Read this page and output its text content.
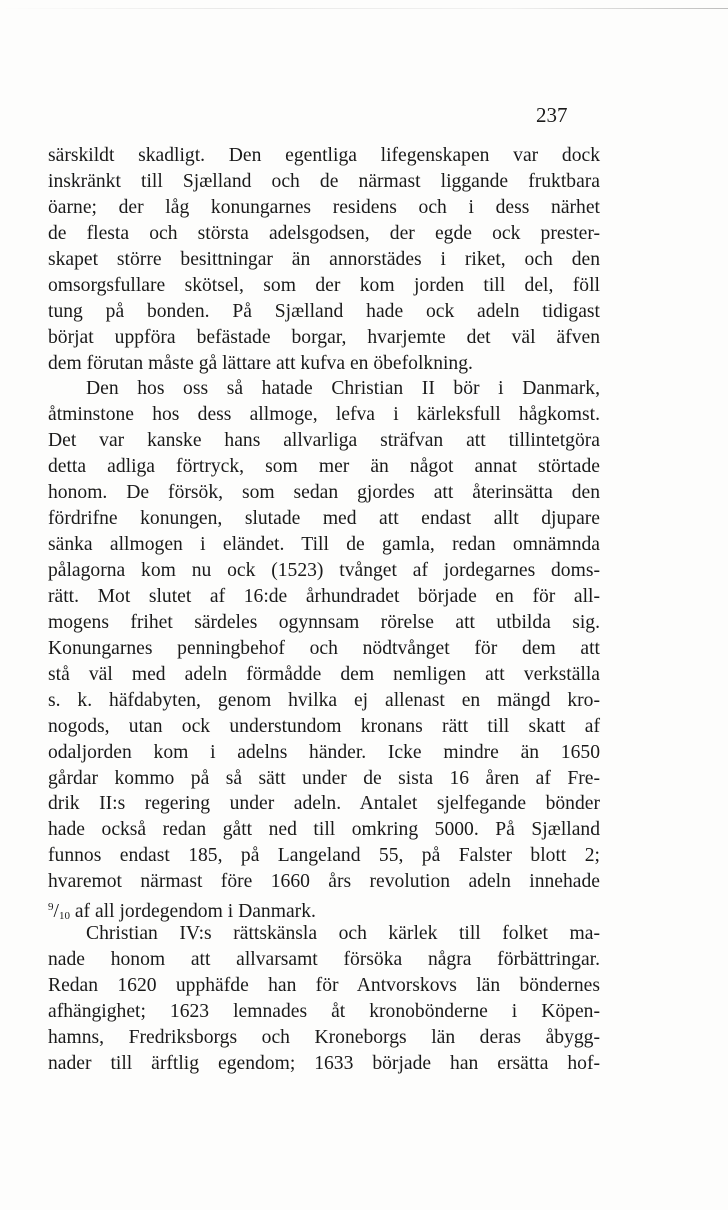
237
särskildt skadligt. Den egentliga lifegenskapen var dock
inskränkt till Sjælland och de närmast liggande fruktbara
öarne; der låg konungarnes residens och i dess närhet
de flesta och största adelsgodsen, der egde ock prester-
skapet större besittningar än annorstädes i riket, och den
omsorgsfullare skötsel, som der kom jorden till del, föll
tung på bonden. På Sjælland hade ock adeln tidigast
börjat uppföra befästade borgar, hvarjemte det väl äfven
dem förutan måste gå lättare att kufva en öbefolkning.
Den hos oss så hatade Christian II bör i Danmark,
åtminstone hos dess allmoge, lefva i kärleksfull hågkomst.
Det var kanske hans allvarliga sträfvan att tillintetgöra
detta adliga förtryck, som mer än något annat störtade
honom. De försök, som sedan gjordes att återinsätta den
fördrifne konungen, slutade med att endast allt djupare
sänka allmogen i eländet. Till de gamla, redan omnämnda
pålagorna kom nu ock (1523) tvånget af jordegarnes doms-
rätt. Mot slutet af 16:de århundradet började en för all-
mogens frihet särdeles ogynnsam rörelse att utbilda sig.
Konungarnes penningbehof och nödtvånget för dem att
stå väl med adeln förmådde dem nemligen att verkställa
s. k. häfdabyten, genom hvilka ej allenast en mängd kro-
nogods, utan ock understundom kronans rätt till skatt af
odaljorden kom i adelns händer. Icke mindre än 1650
gårdar kommo på så sätt under de sista 16 åren af Fre-
drik II:s regering under adeln. Antalet sjelfegande bönder
hade också redan gått ned till omkring 5000. På Sjælland
funnos endast 185, på Langeland 55, på Falster blott 2;
hvaremot närmast före 1660 års revolution adeln innehade
$^9/_{10}$ af all jordegendom i Danmark.
Christian IV:s rättskänsla och kärlek till folket ma-
nade honom att allvarsamt försöka några förbättringar.
Redan 1620 upphäfde han för Antvorskovs län böndernes
afhängighet; 1623 lemnades åt kronobönderne i Köpen-
hamns, Fredriksborgs och Kroneborgs län deras åbygg-
nader till ärftlig egendom; 1633 började han ersätta hof-
